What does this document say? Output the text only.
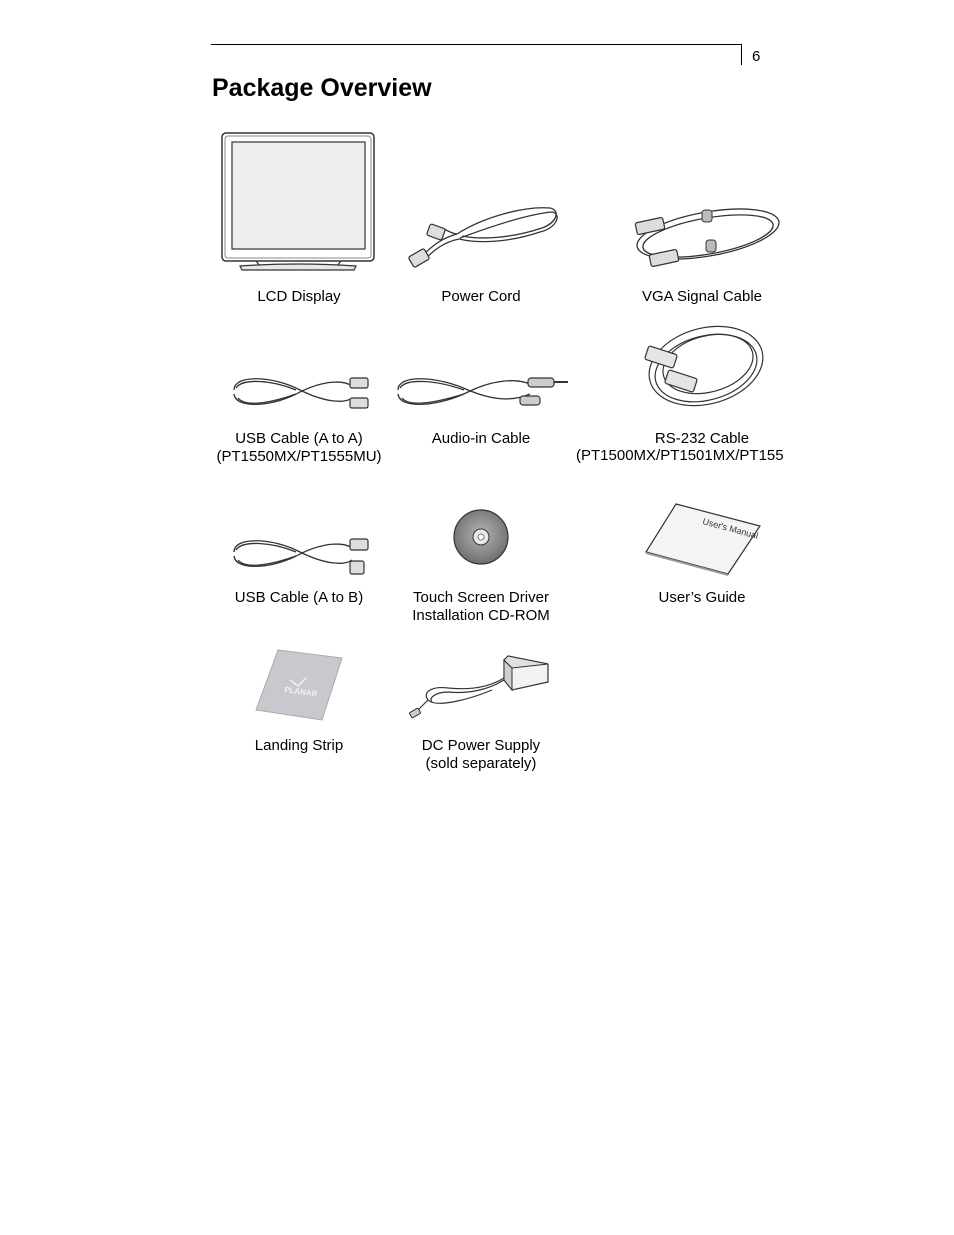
6
Package Overview
User's Manual
PLANAR
LCD Display	Power Cord	VGA Signal Cable
USB Cable (A to A)
(PT1550MX/PT1555MU)
Audio-in Cable	RS-232 Cable
(PT1500MX/PT1501MX/PT155
USB Cable (A to B)	Touch Screen Driver
Installation CD-ROM
User’s Guide
Landing Strip	DC Power Supply
(sold separately)
